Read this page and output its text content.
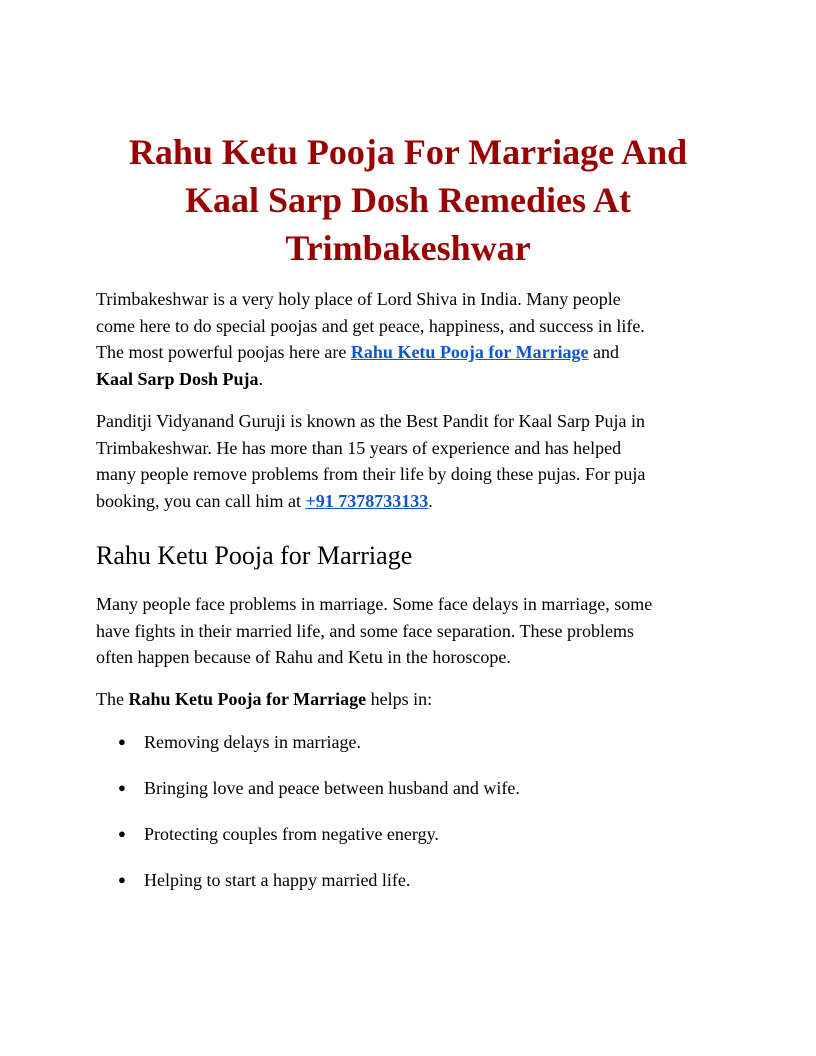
Rahu Ketu Pooja For Marriage And
Kaal Sarp Dosh Remedies At
Trimbakeshwar

Trimbakeshwar is a very holy place of Lord Shiva in India. Many people
come here to do special poojas and get peace, happiness, and success in life.
The most powerful poojas here are Rahu Ketu Pooja for Marriage and
Kaal Sarp Dosh Puja.

Panditji Vidyanand Guruji is known as the Best Pandit for Kaal Sarp Puja in
Trimbakeshwar. He has more than 15 years of experience and has helped
many people remove problems from their life by doing these pujas. For puja
booking, you can call him at +91 7378733133.

Rahu Ketu Pooja for Marriage

Many people face problems in marriage. Some face delays in marriage, some
have fights in their married life, and some face separation. These problems
often happen because of Rahu and Ketu in the horoscope.

The Rahu Ketu Pooja for Marriage helps in:

● Removing delays in marriage.
● Bringing love and peace between husband and wife.
● Protecting couples from negative energy.
● Helping to start a happy married life.
